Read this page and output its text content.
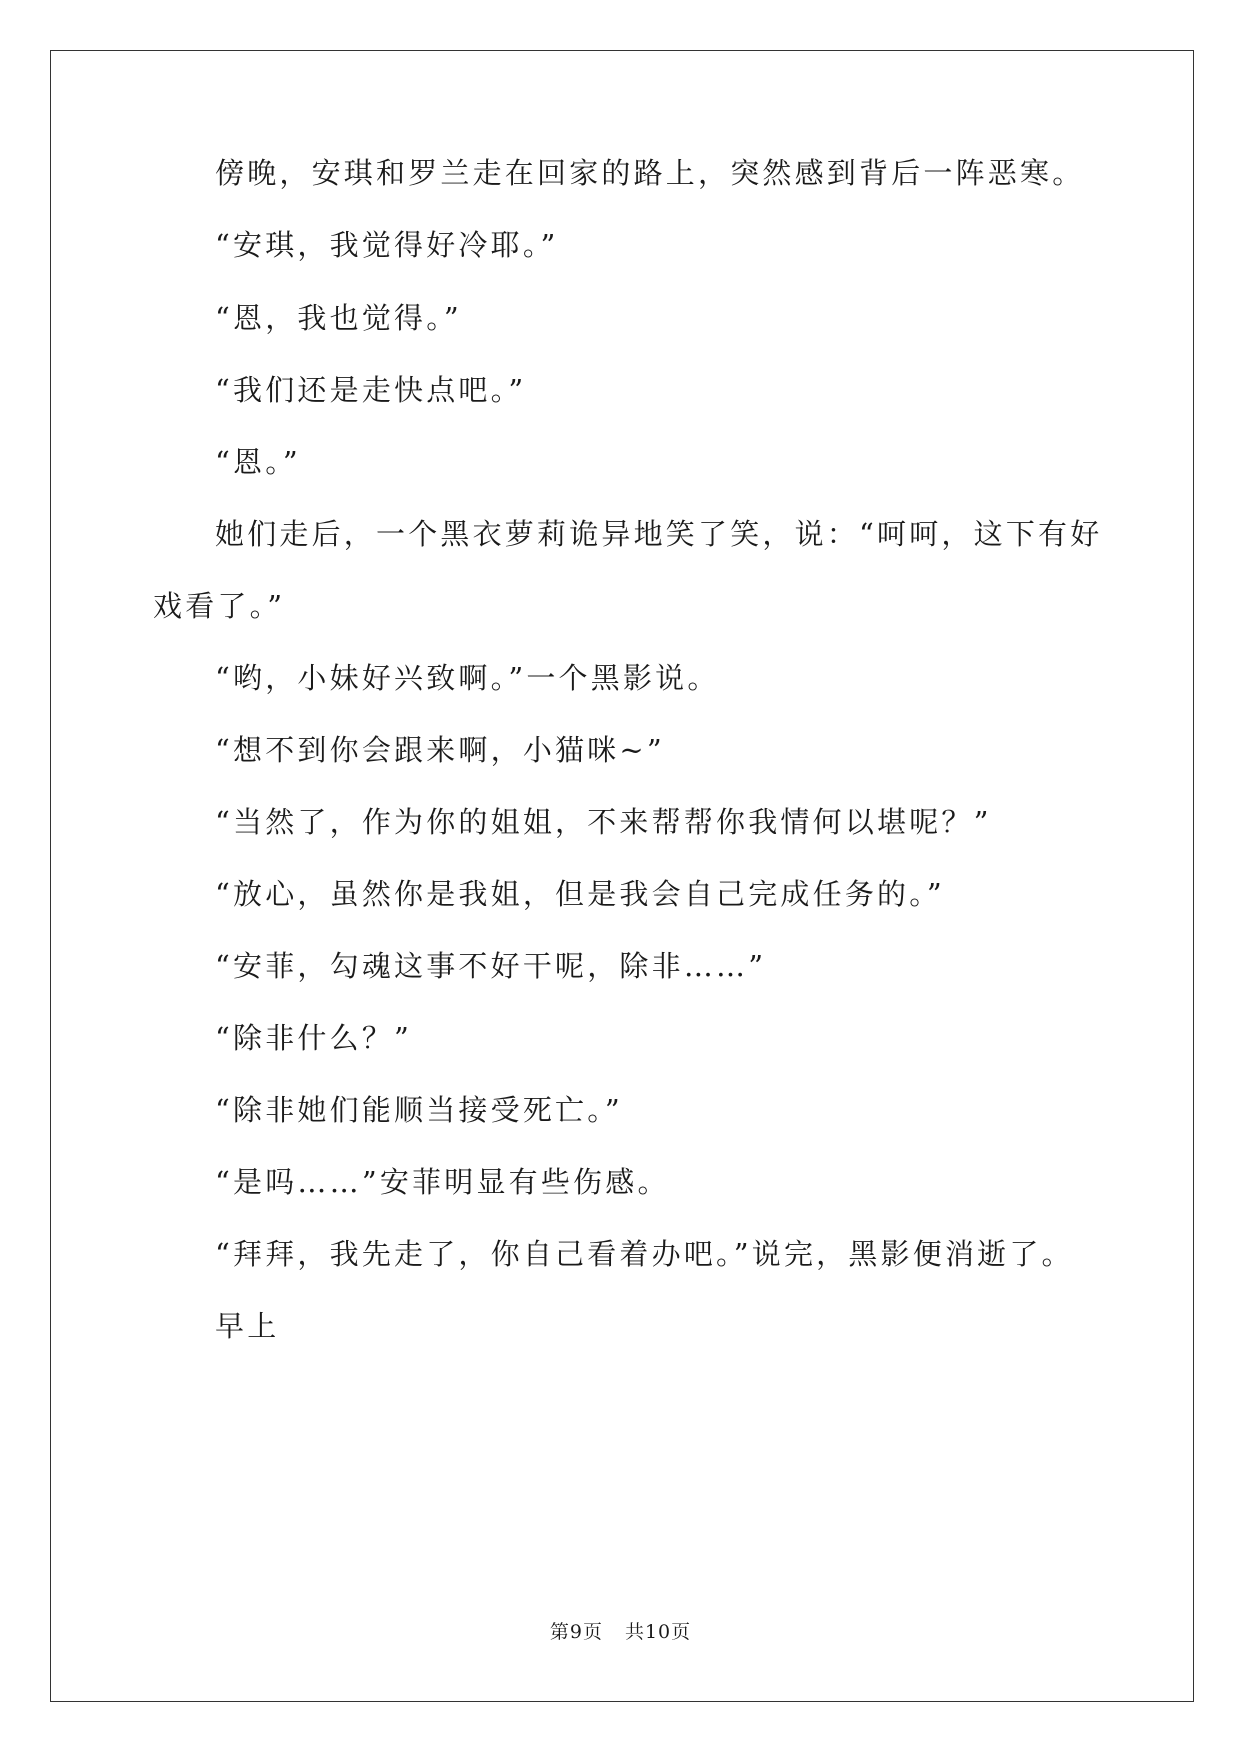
傍晚，安琪和罗兰走在回家的路上，突然感到背后一阵恶寒。
“安琪，我觉得好冷耶。”
“恩，我也觉得。”
“我们还是走快点吧。”
“恩。”
她们走后，一个黑衣萝莉诡异地笑了笑，说：“呵呵，这下有好
戏看了。”
“哟，小妹好兴致啊。”一个黑影说。
“想不到你会跟来啊，小猫咪~”
“当然了，作为你的姐姐，不来帮帮你我情何以堪呢？”
“放心，虽然你是我姐，但是我会自己完成任务的。”
“安菲，勾魂这事不好干呢，除非……”
“除非什么？”
“除非她们能顺当接受死亡。”
“是吗……”安菲明显有些伤感。
“拜拜，我先走了，你自己看着办吧。”说完，黑影便消逝了。
早上
第9页 共10页
